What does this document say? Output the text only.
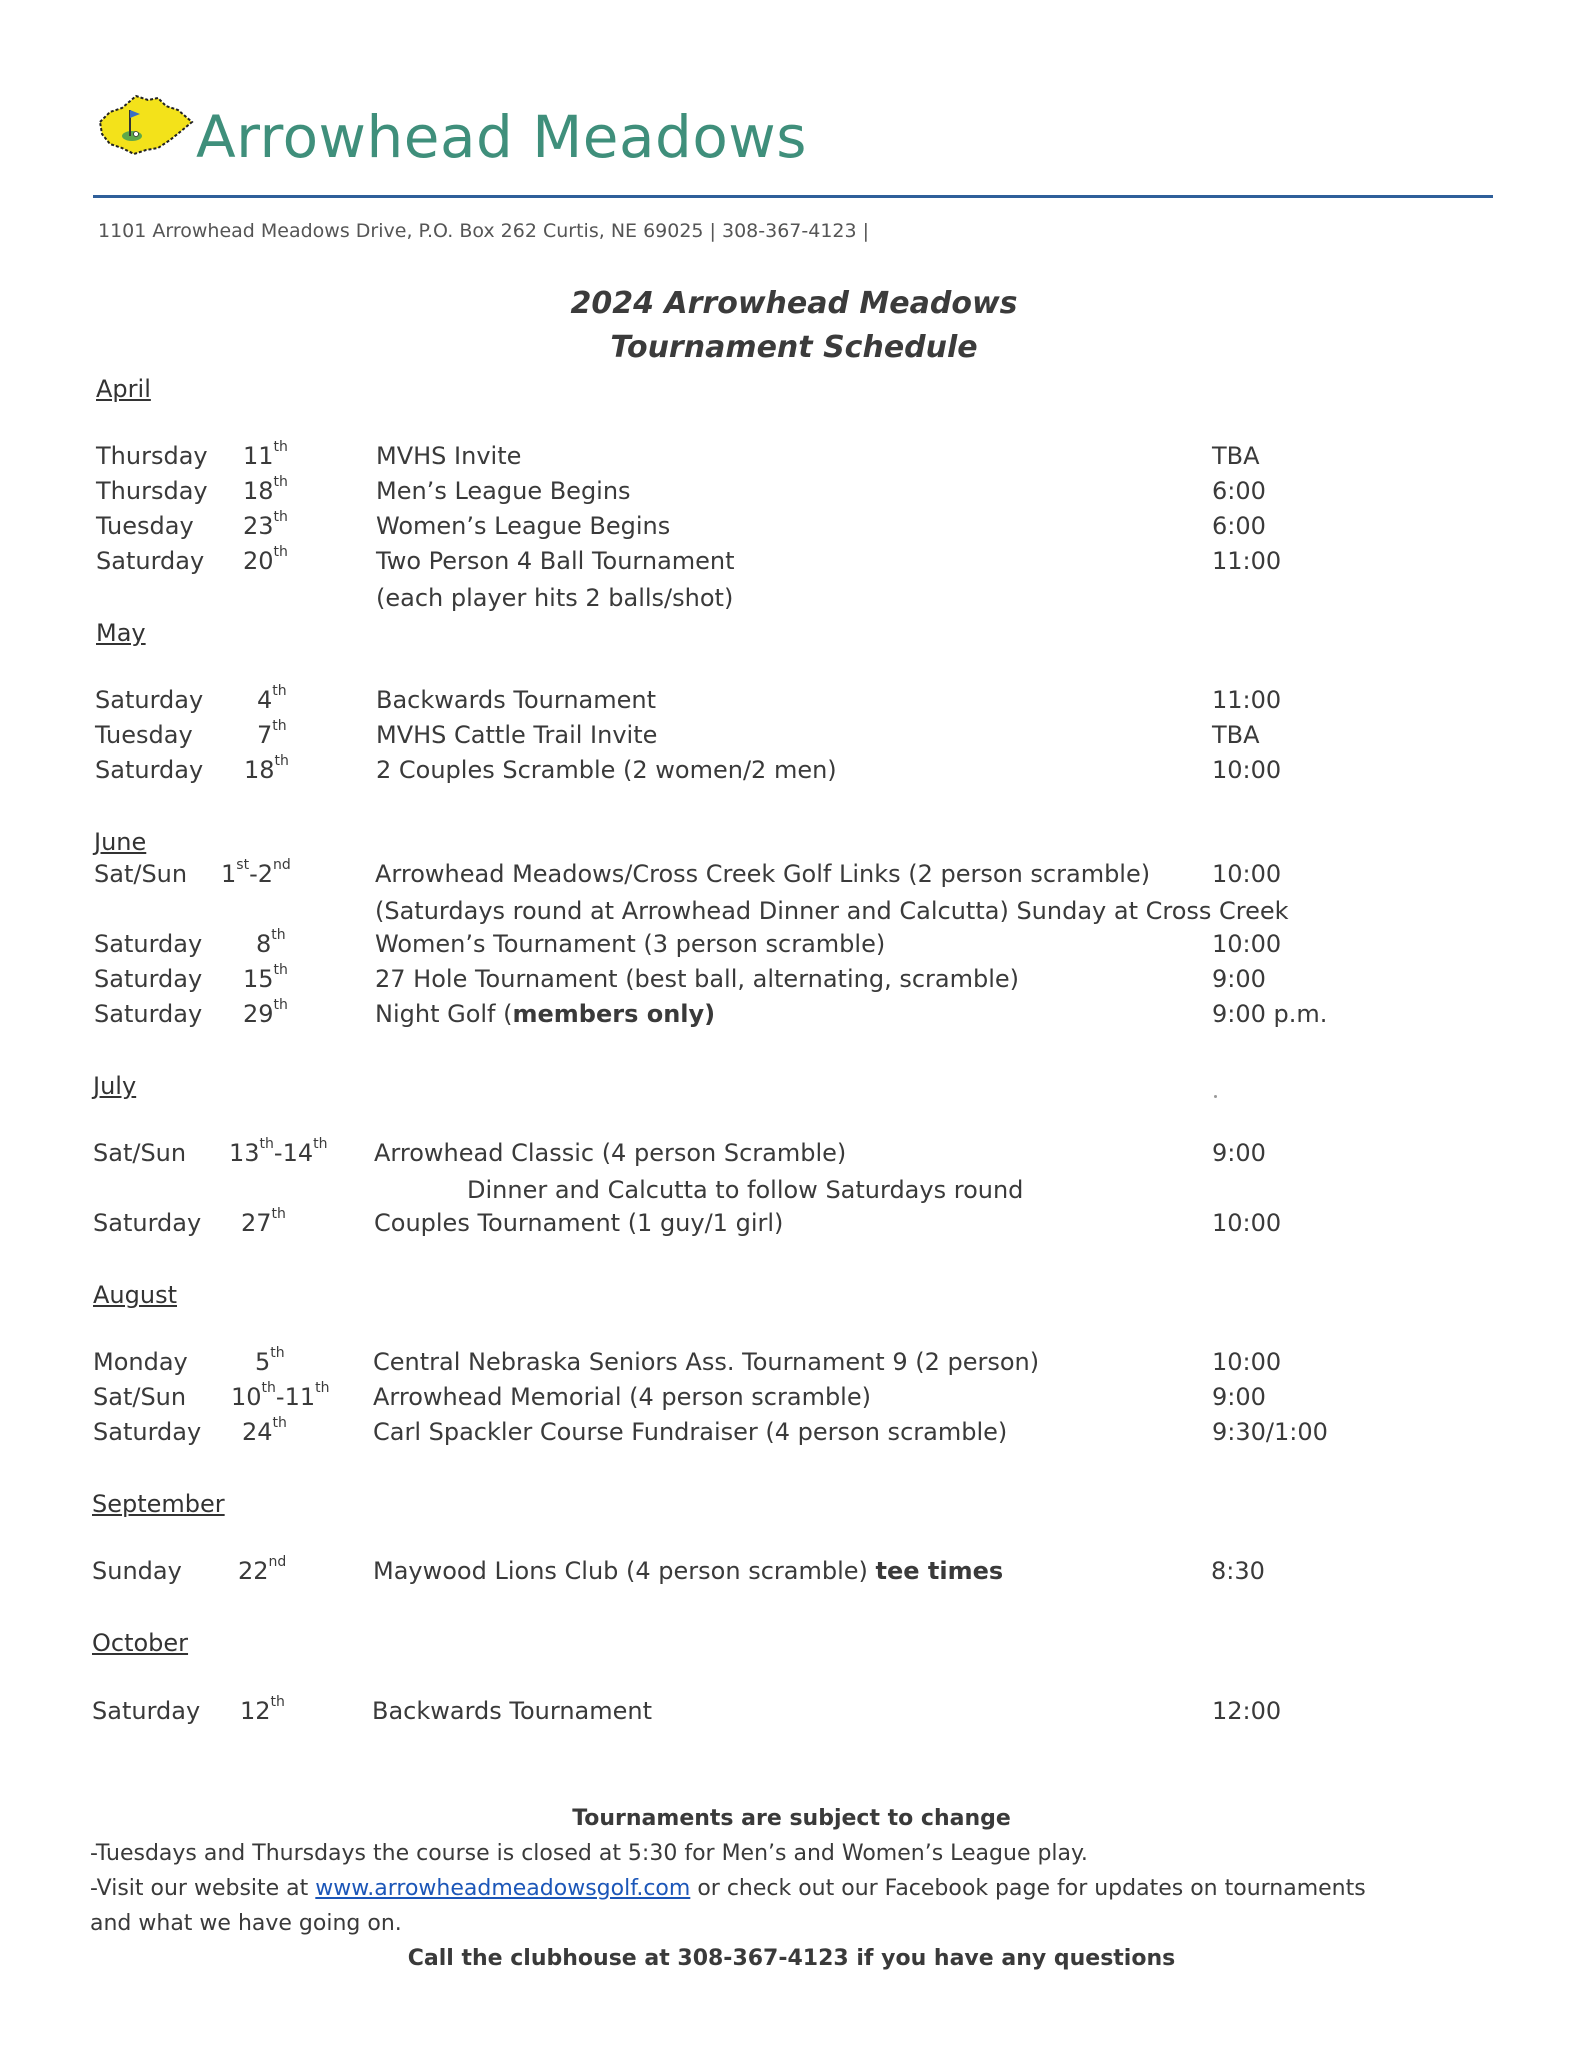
Arrowhead Meadows
1101 Arrowhead Meadows Drive, P.O. Box 262 Curtis, NE 69025 | 308-367-4123 |
2024 Arrowhead Meadows
Tournament Schedule
April
Thursday 11th	MVHS Invite	TBA
Thursday 18th	Men’s League Begins	6:00
Tuesday 23th	Women’s League Begins	6:00
Saturday 20th	Two Person 4 Ball Tournament	11:00
(each player hits 2 balls/shot)
May
Saturday 4th	Backwards Tournament	11:00
Tuesday	7th	MVHS Cattle Trail Invite	TBA
Saturday 18th	2 Couples Scramble (2 women/2 men)	10:00
June
Sat/Sun 1st-2nd	Arrowhead Meadows/Cross Creek Golf Links (2 person scramble)	10:00
(Saturdays round at Arrowhead Dinner and Calcutta) Sunday at Cross Creek
Saturday 8th	Women’s Tournament (3 person scramble)	10:00
Saturday 15th	27 Hole Tournament (best ball, alternating, scramble)	9:00
Saturday 29th	Night Golf (members only)	9:00 p.m.
July
Sat/Sun 13th-14th Arrowhead Classic (4 person Scramble)	9:00
Dinner and Calcutta to follow Saturdays round
Saturday 27th	Couples Tournament (1 guy/1 girl)	10:00
August
Monday	5th	Central Nebraska Seniors Ass. Tournament 9 (2 person)	10:00
Sat/Sun 10th-11th Arrowhead Memorial (4 person scramble)	9:00
Saturday 24th	Carl Spackler Course Fundraiser (4 person scramble)	9:30/1:00
September
Sunday 22nd	Maywood Lions Club (4 person scramble) tee times	8:30
October
Saturday 12th	Backwards Tournament	12:00
Tournaments are subject to change
-Tuesdays and Thursdays the course is closed at 5:30 for Men’s and Women’s League play.
-Visit our website at www.arrowheadmeadowsgolf.com or check out our Facebook page for updates on tournaments
and what we have going on.
Call the clubhouse at 308-367-4123 if you have any questions
